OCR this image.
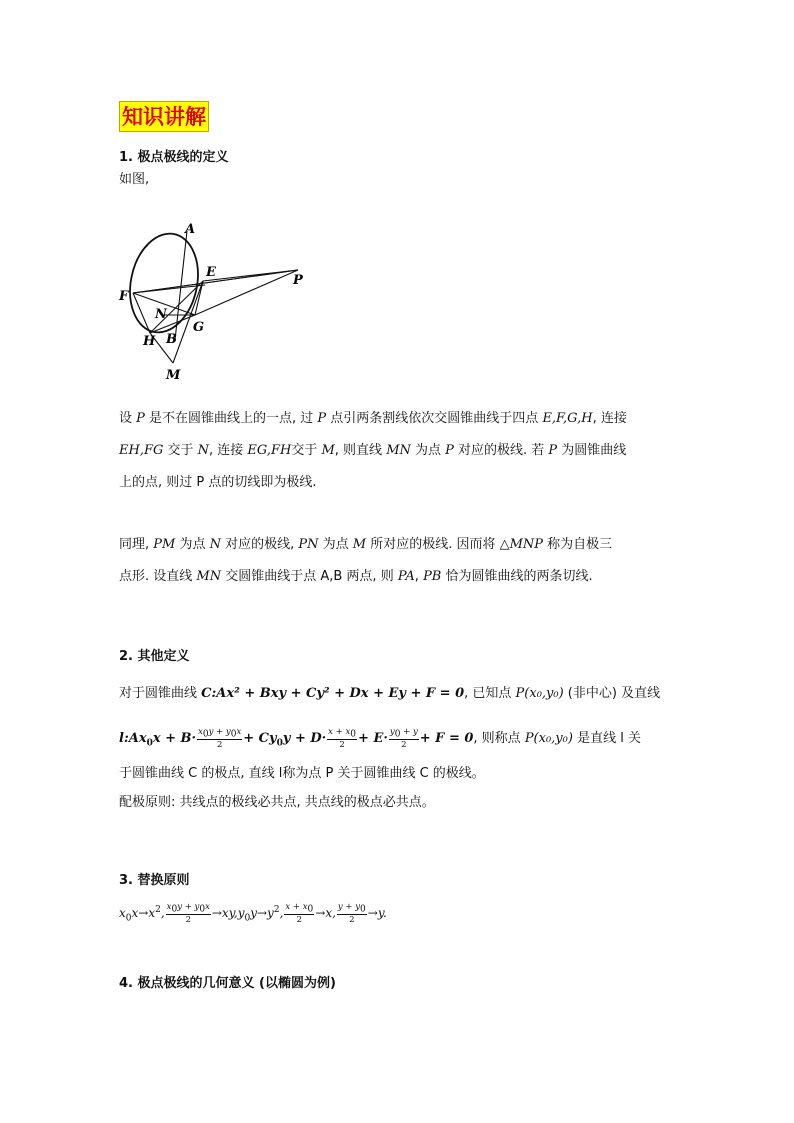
知识讲解
1. 极点极线的定义
如图,
A
E
P
F
N
G
H B
M
设 P 是不在圆锥曲线上的一点, 过 P 点引两条割线依次交圆锥曲线于四点 E,F,G,H, 连接
EH,FG 交于 N, 连接 EG,FH交于 M, 则直线 MN 为点 P 对应的极线. 若 P 为圆锥曲线
上的点, 则过 P 点的切线即为极线.
同理, PM 为点 N 对应的极线, PN 为点 M 所对应的极线. 因而将 △MNP 称为自极三
点形. 设直线 MN 交圆锥曲线于点 A,B 两点, 则 PA, PB 恰为圆锥曲线的两条切线.
2. 其他定义
对于圆锥曲线 C:Ax² + Bxy + Cy² + Dx + Ey + F = 0, 已知点 P(x₀,y₀) (非中心) 及直线
$l:Ax_0x + B\cdot \frac{x_0y + y_0x}{2} + Cy_0y + D\cdot \frac{x + x_0}{2} + E\cdot \frac{y_0 + y}{2} + F = 0$, 则称点 P(x₀,y₀) 是直线 l 关
于圆锥曲线 C 的极点, 直线 l称为点 P 关于圆锥曲线 C 的极线。
配极原则: 共线点的极线必共点, 共点线的极点必共点。
3. 替换原则
$x_0x\to x^2$, $\frac{x_0y + y_0x}{2} \to xy,y_0y\to y^2$, $\frac{x + x_0}{2} \to x$, $\frac{y + y_0}{2} \to y$.
4. 极点极线的几何意义 (以椭圆为例)
